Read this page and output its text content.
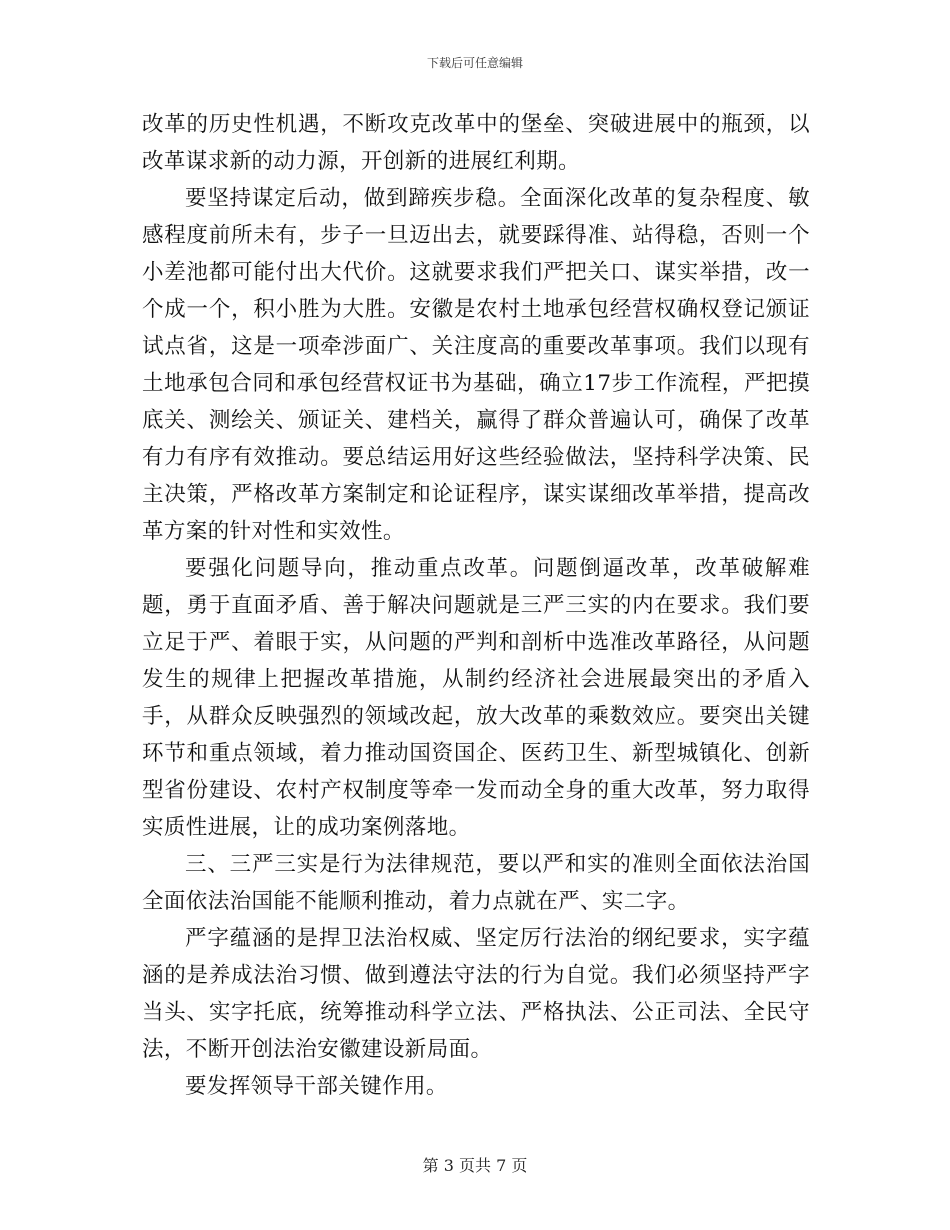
下载后可任意编辑

改革的历史性机遇，不断攻克改革中的堡垒、突破进展中的瓶颈，以改革谋求新的动力源，开创新的进展红利期。

要坚持谋定后动，做到蹄疾步稳。全面深化改革的复杂程度、敏感程度前所未有，步子一旦迈出去，就要踩得准、站得稳，否则一个小差池都可能付出大代价。这就要求我们严把关口、谋实举措，改一个成一个，积小胜为大胜。安徽是农村土地承包经营权确权登记颁证试点省，这是一项牵涉面广、关注度高的重要改革事项。我们以现有土地承包合同和承包经营权证书为基础，确立17步工作流程，严把摸底关、测绘关、颁证关、建档关，赢得了群众普遍认可，确保了改革有力有序有效推动。要总结运用好这些经验做法，坚持科学决策、民主决策，严格改革方案制定和论证程序，谋实谋细改革举措，提高改革方案的针对性和实效性。

要强化问题导向，推动重点改革。问题倒逼改革，改革破解难题，勇于直面矛盾、善于解决问题就是三严三实的内在要求。我们要立足于严、着眼于实，从问题的严判和剖析中选准改革路径，从问题发生的规律上把握改革措施，从制约经济社会进展最突出的矛盾入手，从群众反映强烈的领域改起，放大改革的乘数效应。要突出关键环节和重点领域，着力推动国资国企、医药卫生、新型城镇化、创新型省份建设、农村产权制度等牵一发而动全身的重大改革，努力取得实质性进展，让的成功案例落地。

三、三严三实是行为法律规范，要以严和实的准则全面依法治国全面依法治国能不能顺利推动，着力点就在严、实二字。

严字蕴涵的是捍卫法治权威、坚定厉行法治的纲纪要求，实字蕴涵的是养成法治习惯、做到遵法守法的行为自觉。我们必须坚持严字当头、实字托底，统筹推动科学立法、严格执法、公正司法、全民守法，不断开创法治安徽建设新局面。

要发挥领导干部关键作用。

第 3 页共 7 页
